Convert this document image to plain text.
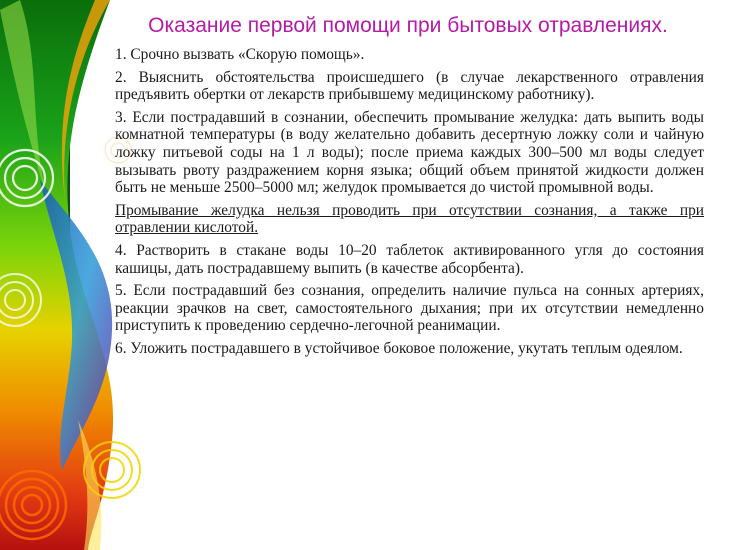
Оказание первой помощи при бытовых отравлениях.

1. Срочно вызвать «Скорую помощь».

2. Выяснить обстоятельства происшедшего (в случае лекарственного отравления предъявить обертки от лекарств прибывшему медицинскому работнику).

3. Если пострадавший в сознании, обеспечить промывание желудка: дать выпить воды комнатной температуры (в воду желательно добавить десертную ложку соли и чайную ложку питьевой соды на 1 л воды); после приема каждых 300–500 мл воды следует вызывать рвоту раздражением корня языка; общий объем принятой жидкости должен быть не меньше 2500–5000 мл; желудок промывается до чистой промывной воды.

Промывание желудка нельзя проводить при отсутствии сознания, а также при отравлении кислотой.

4. Растворить в стакане воды 10–20 таблеток активированного угля до состояния кашицы, дать пострадавшему выпить (в качестве абсорбента).

5. Если пострадавший без сознания, определить наличие пульса на сонных артериях, реакции зрачков на свет, самостоятельного дыхания; при их отсутствии немедленно приступить к проведению сердечно-легочной реанимации.

6. Уложить пострадавшего в устойчивое боковое положение, укутать теплым одеялом.
